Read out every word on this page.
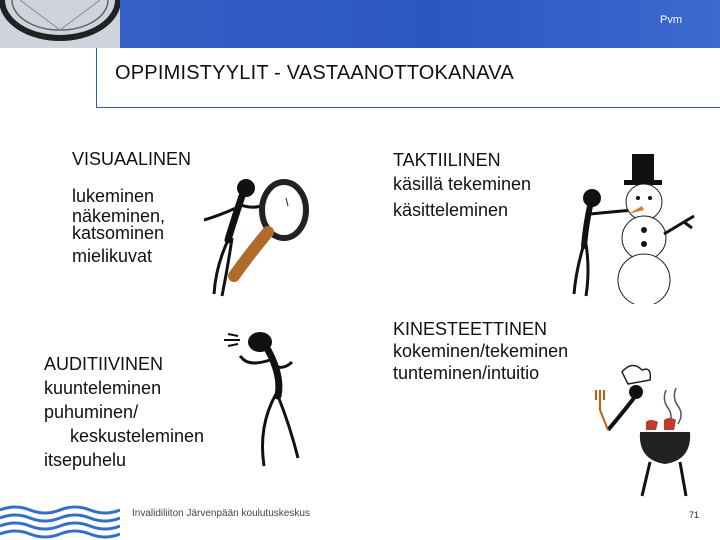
Pvm
OPPIMISTYYLIT - VASTAANOTTOKANAVA
VISUAALINEN
lukeminen
näkeminen,
katsominen
mielikuvat
TAKTIILINEN
käsillä tekeminen
käsitteleminen
KINESTEETTINEN
kokeminen/tekeminen
tunteminen/intuitio
AUDITIIVINEN
kuunteleminen
puhuminen/
keskusteleminen
itsepuhelu
Invalidiliiton Järvenpään koulutuskeskus	71
